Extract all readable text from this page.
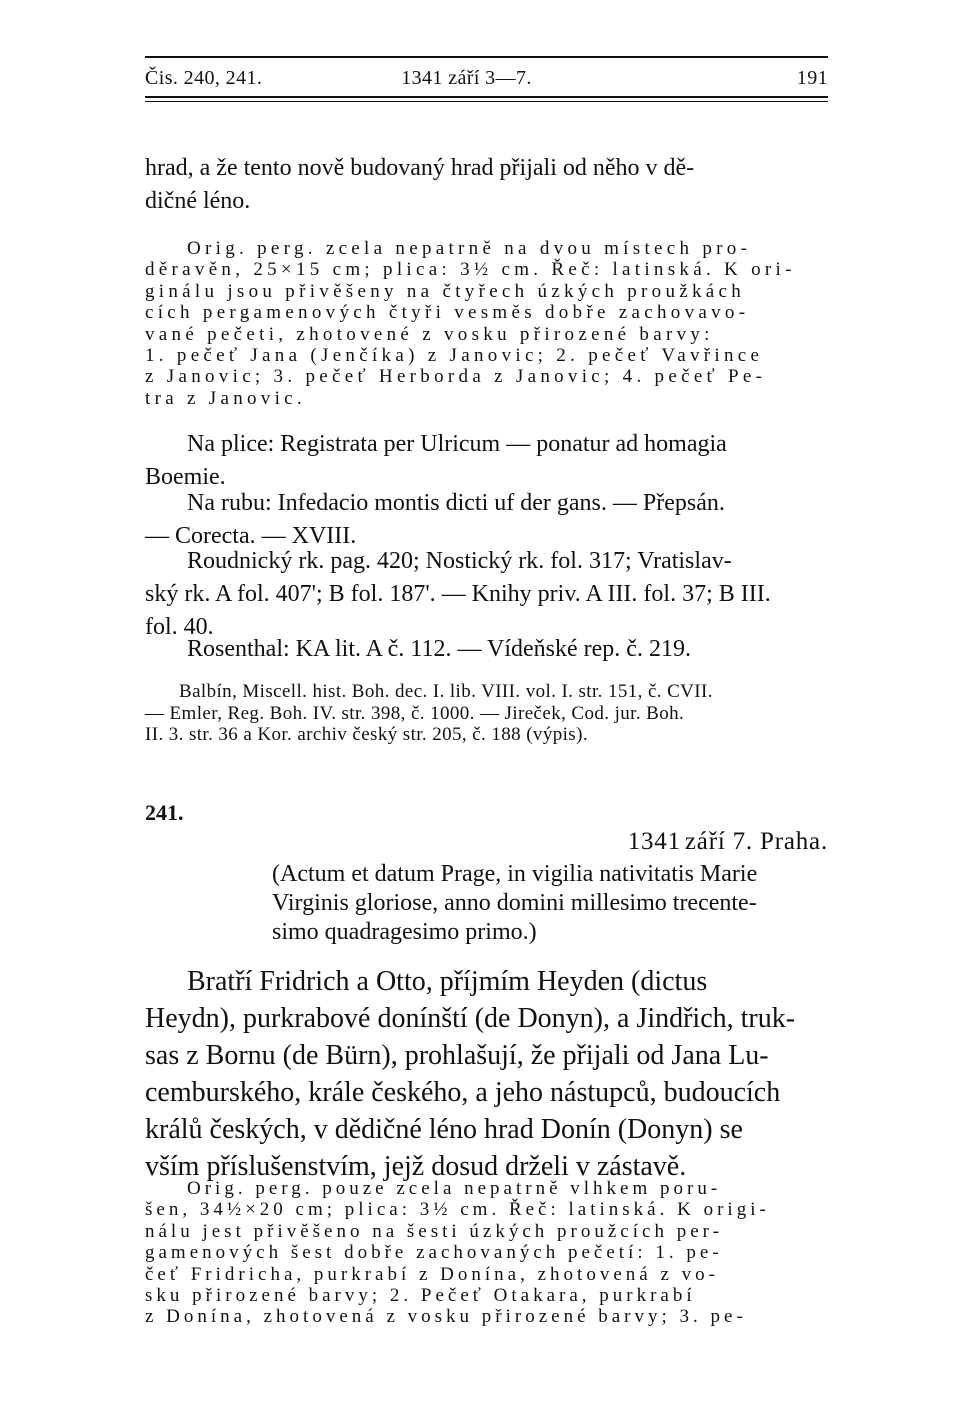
Čis. 240, 241.	1341 září 3—7.	191
hrad, a že tento nově budovaný hrad přijali od něho v dě-
dičné léno.
Orig. perg. zcela nepatrně na dvou místech pro-
děravěn, 25×15 cm; plica: 3½ cm. Řeč: latinská. K ori-
ginálu jsou přivěšeny na čtyřech úzkých proužkách
cích pergamenových čtyři vesměs dobře zachovavo-
vané pečeti, zhotovené z vosku přirozené barvy:
1. pečeť Jana (Jenčíka) z Janovic; 2. pečeť Vavřince
z Janovic; 3. pečeť Herborda z Janovic; 4. pečeť Pe-
tra z Janovic.
Na plice: Registrata per Ulricum — ponatur ad homagia
Boemie.
Na rubu: Infedacio montis dicti uf der gans. — Přepsán.
— Corecta. — XVIII.
Roudnický rk. pag. 420; Nostický rk. fol. 317; Vratislav-
ský rk. A fol. 407'; B fol. 187'. — Knihy priv. A III. fol. 37; B III.
fol. 40.
Rosenthal: KA lit. A č. 112. — Vídeňské rep. č. 219.
Balbín, Miscell. hist. Boh. dec. I. lib. VIII. vol. I. str. 151, č. CVII.
— Emler, Reg. Boh. IV. str. 398, č. 1000. — Jireček, Cod. jur. Boh.
II. 3. str. 36 a Kor. archiv český str. 205, č. 188 (výpis).
241.
1341 září 7. Praha.
(Actum et datum Prage, in vigilia nativitatis Marie
Virginis gloriose, anno domini millesimo trecente-
simo quadragesimo primo.)
Bratří Fridrich a Otto, příjmím Heyden (dictus
Heydn), purkrabové donínští (de Donyn), a Jindřich, truk-
sas z Bornu (de Bürn), prohlašují, že přijali od Jana Lu-
cemburského, krále českého, a jeho nástupců, budoucích
králů českých, v dědičné léno hrad Donín (Donyn) se
vším příslušenstvím, jejž dosud drželi v zástavě.
Orig. perg. pouze zcela nepatrně vlhkem poru-
šen, 34½×20 cm; plica: 3½ cm. Řeč: latinská. K origi-
nálu jest přivěšeno na šesti úzkých proužcích per-
gamenových šest dobře zachovaných pečetí: 1. pe-
čeť Fridricha, purkrabí z Donína, zhotovená z vo-
sku přirozené barvy; 2. Pečeť Otakara, purkrabí
z Donína, zhotovená z vosku přirozené barvy; 3. pe-
